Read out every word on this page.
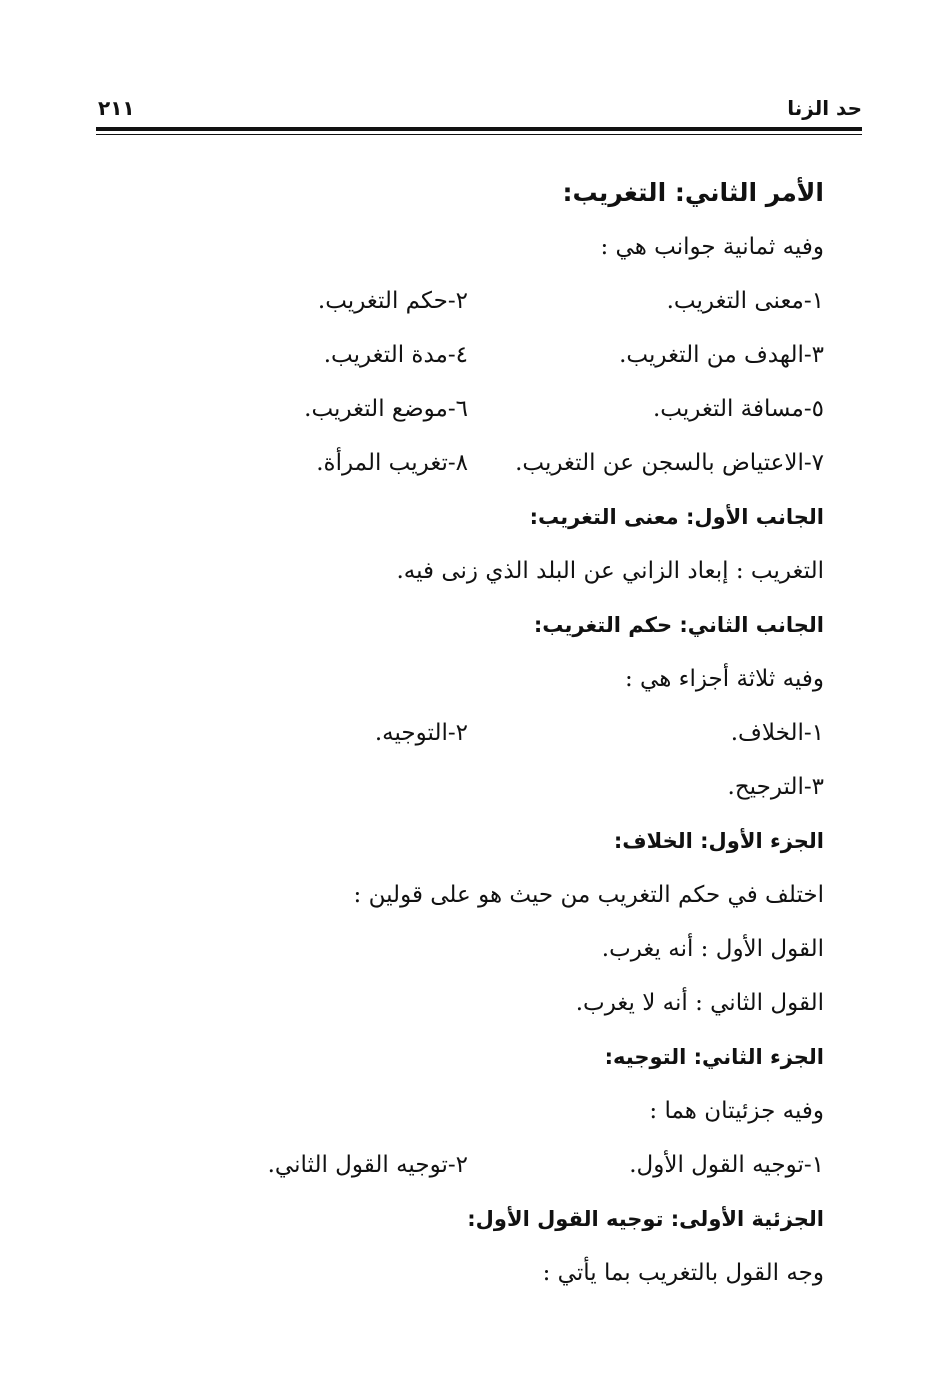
حد الزنا
٢١١
الأمر الثاني: التغريب:
وفيه ثمانية جوانب هي :
١-معنى التغريب.
٢-حكم التغريب.
٣-الهدف من التغريب.
٤-مدة التغريب.
٥-مسافة التغريب.
٦-موضع التغريب.
٧-الاعتياض بالسجن عن التغريب.
٨-تغريب المرأة.
الجانب الأول: معنى التغريب:
التغريب : إبعاد الزاني عن البلد الذي زنى فيه.
الجانب الثاني: حكم التغريب:
وفيه ثلاثة أجزاء هي :
١-الخلاف.
٢-التوجيه.
٣-الترجيح.
الجزء الأول: الخلاف:
اختلف في حكم التغريب من حيث هو على قولين :
القول الأول : أنه يغرب.
القول الثاني : أنه لا يغرب.
الجزء الثاني: التوجيه:
وفيه جزئيتان هما :
١-توجيه القول الأول.
٢-توجيه القول الثاني.
الجزئية الأولى: توجيه القول الأول:
وجه القول بالتغريب بما يأتي :
